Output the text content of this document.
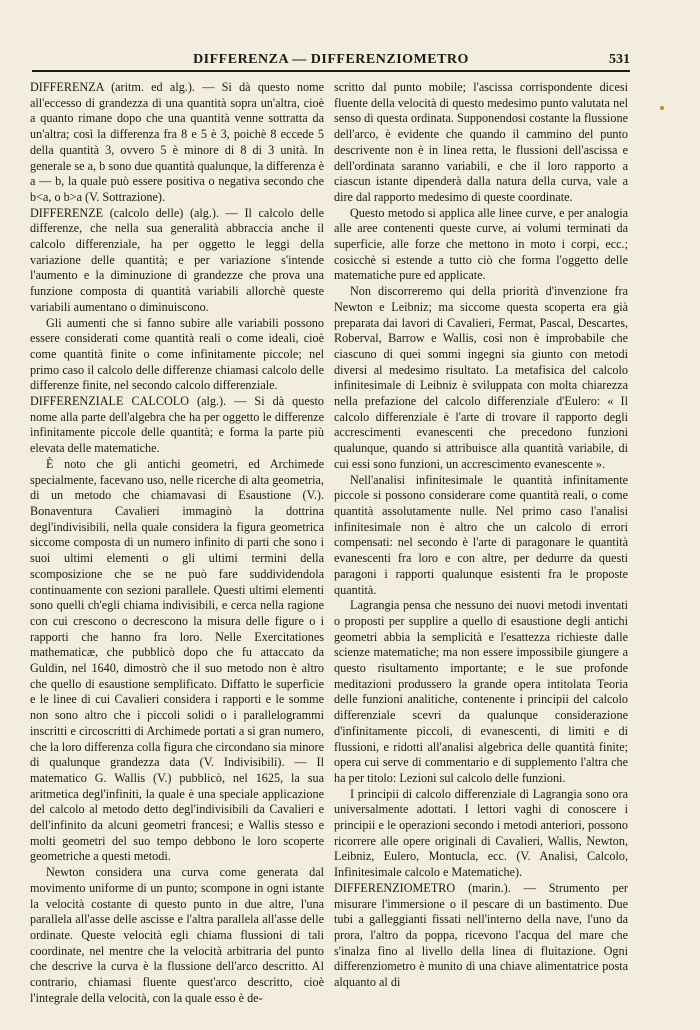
DIFFERENZA — DIFFERENZIOMETRO	531

DIFFERENZA (aritm. ed alg.). — Si dà questo nome all'eccesso di grandezza di una quantità sopra un'altra, cioè a quanto rimane dopo che una quantità venne sottratta da un'altra; così la differenza fra 8 e 5 è 3, poichè 8 eccede 5 della quantità 3, ovvero 5 è minore di 8 di 3 unità. In generale se a, b sono due quantità qualunque, la differenza è a — b, la quale può essere positiva o negativa secondo che b<a, o b>a (V. Sottrazione).

DIFFERENZE (calcolo delle) (alg.). — Il calcolo delle differenze, che nella sua generalità abbraccia anche il calcolo differenziale, ha per oggetto le leggi della variazione delle quantità; e per variazione s'intende l'aumento e la diminuzione di grandezze che prova una funzione composta di quantità variabili allorchè queste variabili aumentano o diminuiscono.

Gli aumenti che si fanno subire alle variabili possono essere considerati come quantità reali o come ideali, cioè come quantità finite o come infinitamente piccole; nel primo caso il calcolo delle differenze chiamasi calcolo delle differenze finite, nel secondo calcolo differenziale.

DIFFERENZIALE CALCOLO (alg.). — Si dà questo nome alla parte dell'algebra che ha per oggetto le differenze infinitamente piccole delle quantità; e forma la parte più elevata delle matematiche.

È noto che gli antichi geometri, ed Archimede specialmente, facevano uso, nelle ricerche di alta geometria, di un metodo che chiamavasi di Esaustione (V.). Bonaventura Cavalieri immaginò la dottrina degl'indivisibili, nella quale considera la figura geometrica siccome composta di un numero infinito di parti che sono i suoi ultimi elementi o gli ultimi termini della scomposizione che se ne può fare suddividendola continuamente con sezioni parallele. Questi ultimi elementi sono quelli ch'egli chiama indivisibili, e cerca nella ragione con cui crescono o decrescono la misura delle figure o i rapporti che hanno fra loro. Nelle Exercitationes mathematicæ, che pubblicò dopo che fu attaccato da Guldin, nel 1640, dimostrò che il suo metodo non è altro che quello di esaustione semplificato. Diffatto le superficie e le linee di cui Cavalieri considera i rapporti e le somme non sono altro che i piccoli solidi o i parallelogrammi inscritti e circoscritti di Archimede portati a sì gran numero, che la loro differenza colla figura che circondano sia minore di qualunque grandezza data (V. Indivisibili). — Il matematico G. Wallis (V.) pubblicò, nel 1625, la sua aritmetica degl'infiniti, la quale è una speciale applicazione del calcolo al metodo detto degl'indivisibili da Cavalieri e dell'infinito da alcuni geometri francesi; e Wallis stesso e molti geometri del suo tempo debbono le loro scoperte geometriche a questi metodi.

Newton considera una curva come generata dal movimento uniforme di un punto; scompone in ogni istante la velocità costante di questo punto in due altre, l'una parallela all'asse delle ascisse e l'altra parallela all'asse delle ordinate. Queste velocità egli chiama flussioni di tali coordinate, nel mentre che la velocità arbitraria del punto che descrive la curva è la flussione dell'arco descritto. Al contrario, chiamasi fluente quest'arco descritto, cioè l'integrale della velocità, con la quale esso è de-

scritto dal punto mobile; l'ascissa corrispondente dicesi fluente della velocità di questo medesimo punto valutata nel senso di questa ordinata. Supponendosi costante la flussione dell'arco, è evidente che quando il cammino del punto descrivente non è in linea retta, le flussioni dell'ascissa e dell'ordinata saranno variabili, e che il loro rapporto a ciascun istante dipenderà dalla natura della curva, vale a dire dal rapporto medesimo di queste coordinate.

Questo metodo si applica alle linee curve, e per analogia alle aree contenenti queste curve, ai volumi terminati da superficie, alle forze che mettono in moto i corpi, ecc.; cosicchè si estende a tutto ciò che forma l'oggetto delle matematiche pure ed applicate.

Non discorreremo qui della priorità d'invenzione fra Newton e Leibniz; ma siccome questa scoperta era già preparata dai lavori di Cavalieri, Fermat, Pascal, Descartes, Roberval, Barrow e Wallis, così non è improbabile che ciascuno di quei sommi ingegni sia giunto con metodi diversi al medesimo risultato. La metafisica del calcolo infinitesimale di Leibniz è sviluppata con molta chiarezza nella prefazione del calcolo differenziale d'Eulero: « Il calcolo differenziale è l'arte di trovare il rapporto degli accrescimenti evanescenti che precedono funzioni qualunque, quando si attribuisce alla quantità variabile, di cui essi sono funzioni, un accrescimento evanescente ».

Nell'analisi infinitesimale le quantità infinitamente piccole si possono considerare come quantità reali, o come quantità assolutamente nulle. Nel primo caso l'analisi infinitesimale non è altro che un calcolo di errori compensati: nel secondo è l'arte di paragonare le quantità evanescenti fra loro e con altre, per dedurre da questi paragoni i rapporti qualunque esistenti fra le proposte quantità.

Lagrangia pensa che nessuno dei nuovi metodi inventati o proposti per supplire a quello di esaustione degli antichi geometri abbia la semplicità e l'esattezza richieste dalle scienze matematiche; ma non essere impossibile giungere a questo risultamento importante; e le sue profonde meditazioni produssero la grande opera intitolata Teoria delle funzioni analitiche, contenente i principii del calcolo differenziale scevri da qualunque considerazione d'infinitamente piccoli, di evanescenti, di limiti e di flussioni, e ridotti all'analisi algebrica delle quantità finite; opera cui serve di commentario e di supplemento l'altra che ha per titolo: Lezioni sul calcolo delle funzioni.

I principii di calcolo differenziale di Lagrangia sono ora universalmente adottati. I lettori vaghi di conoscere i principii e le operazioni secondo i metodi anteriori, possono ricorrere alle opere originali di Cavalieri, Wallis, Newton, Leibniz, Eulero, Montucla, ecc. (V. Analisi, Calcolo, Infinitesimale calcolo e Matematiche).

DIFFERENZIOMETRO (marin.). — Strumento per misurare l'immersione o il pescare di un bastimento. Due tubi a galleggianti fissati nell'interno della nave, l'uno da prora, l'altro da poppa, ricevono l'acqua del mare che s'inalza fino al livello della linea di fluitazione. Ogni differenziometro è munito di una chiave alimentatrice posta alquanto al di
